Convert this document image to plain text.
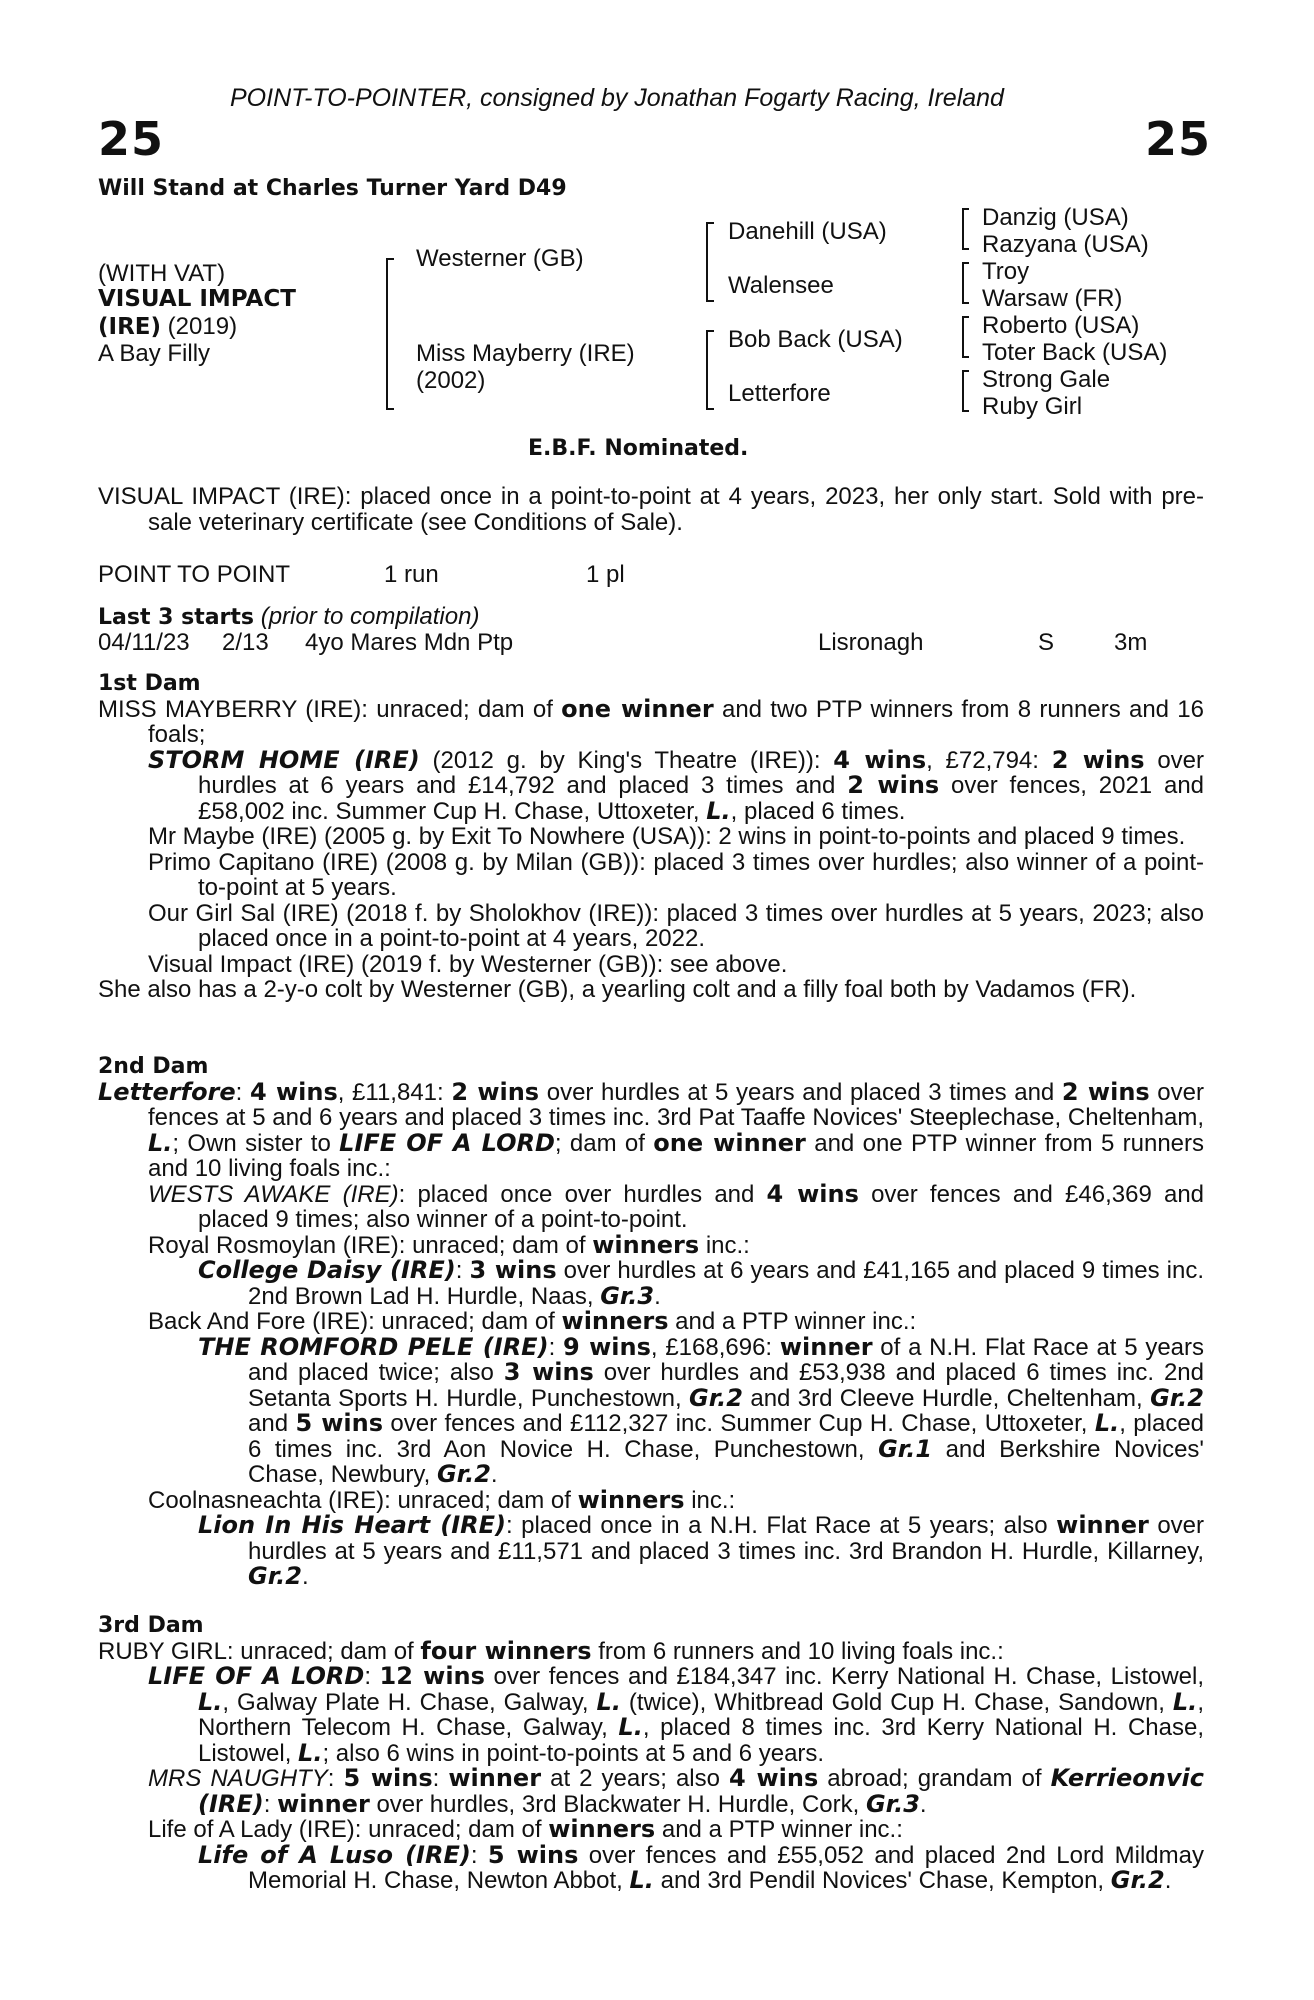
POINT-TO-POINTER, consigned by Jonathan Fogarty Racing, Ireland
25	25
Will Stand at Charles Turner Yard D49
(WITH VAT)
VISUAL IMPACT
(IRE) (2019)
A Bay Filly
Westerner (GB)
Miss Mayberry (IRE)
(2002)
Danehill (USA)
Walensee
Bob Back (USA)
Letterfore
Danzig (USA)
Razyana (USA)
Troy
Warsaw (FR)
Roberto (USA)
Toter Back (USA)
Strong Gale
Ruby Girl
E.B.F. Nominated.

VISUAL IMPACT (IRE): placed once in a point-to-point at 4 years, 2023, her only start. Sold with pre-sale veterinary certificate (see Conditions of Sale).

POINT TO POINT	1 run	1 pl
Last 3 starts (prior to compilation)
04/11/23 2/13 4yo Mares Mdn Ptp	Lisronagh	S 3m

1st Dam

MISS MAYBERRY (IRE): unraced; dam of one winner and two PTP winners from 8 runners and 16 foals;

STORM HOME (IRE) (2012 g. by King's Theatre (IRE)): 4 wins, £72,794: 2 wins over hurdles at 6 years and £14,792 and placed 3 times and 2 wins over fences, 2021 and £58,002 inc. Summer Cup H. Chase, Uttoxeter, L., placed 6 times.

Mr Maybe (IRE) (2005 g. by Exit To Nowhere (USA)): 2 wins in point-to-points and placed 9 times.

Primo Capitano (IRE) (2008 g. by Milan (GB)): placed 3 times over hurdles; also winner of a point-to-point at 5 years.

Our Girl Sal (IRE) (2018 f. by Sholokhov (IRE)): placed 3 times over hurdles at 5 years, 2023; also placed once in a point-to-point at 4 years, 2022.

Visual Impact (IRE) (2019 f. by Westerner (GB)): see above.

She also has a 2-y-o colt by Westerner (GB), a yearling colt and a filly foal both by Vadamos (FR).

2nd Dam

Letterfore: 4 wins, £11,841: 2 wins over hurdles at 5 years and placed 3 times and 2 wins over fences at 5 and 6 years and placed 3 times inc. 3rd Pat Taaffe Novices' Steeplechase, Cheltenham, L.; Own sister to LIFE OF A LORD; dam of one winner and one PTP winner from 5 runners and 10 living foals inc.:

WESTS AWAKE (IRE): placed once over hurdles and 4 wins over fences and £46,369 and placed 9 times; also winner of a point-to-point.

Royal Rosmoylan (IRE): unraced; dam of winners inc.:

College Daisy (IRE): 3 wins over hurdles at 6 years and £41,165 and placed 9 times inc. 2nd Brown Lad H. Hurdle, Naas, Gr.3.

Back And Fore (IRE): unraced; dam of winners and a PTP winner inc.:

THE ROMFORD PELE (IRE): 9 wins, £168,696: winner of a N.H. Flat Race at 5 years and placed twice; also 3 wins over hurdles and £53,938 and placed 6 times inc. 2nd Setanta Sports H. Hurdle, Punchestown, Gr.2 and 3rd Cleeve Hurdle, Cheltenham, Gr.2 and 5 wins over fences and £112,327 inc. Summer Cup H. Chase, Uttoxeter, L., placed 6 times inc. 3rd Aon Novice H. Chase, Punchestown, Gr.1 and Berkshire Novices' Chase, Newbury, Gr.2.

Coolnasneachta (IRE): unraced; dam of winners inc.:

Lion In His Heart (IRE): placed once in a N.H. Flat Race at 5 years; also winner over hurdles at 5 years and £11,571 and placed 3 times inc. 3rd Brandon H. Hurdle, Killarney, Gr.2.

3rd Dam

RUBY GIRL: unraced; dam of four winners from 6 runners and 10 living foals inc.:

LIFE OF A LORD: 12 wins over fences and £184,347 inc. Kerry National H. Chase, Listowel, L., Galway Plate H. Chase, Galway, L. (twice), Whitbread Gold Cup H. Chase, Sandown, L., Northern Telecom H. Chase, Galway, L., placed 8 times inc. 3rd Kerry National H. Chase, Listowel, L.; also 6 wins in point-to-points at 5 and 6 years.

MRS NAUGHTY: 5 wins: winner at 2 years; also 4 wins abroad; grandam of Kerrieonvic (IRE): winner over hurdles, 3rd Blackwater H. Hurdle, Cork, Gr.3.

Life of A Lady (IRE): unraced; dam of winners and a PTP winner inc.:

Life of A Luso (IRE): 5 wins over fences and £55,052 and placed 2nd Lord Mildmay Memorial H. Chase, Newton Abbot, L. and 3rd Pendil Novices' Chase, Kempton, Gr.2.
